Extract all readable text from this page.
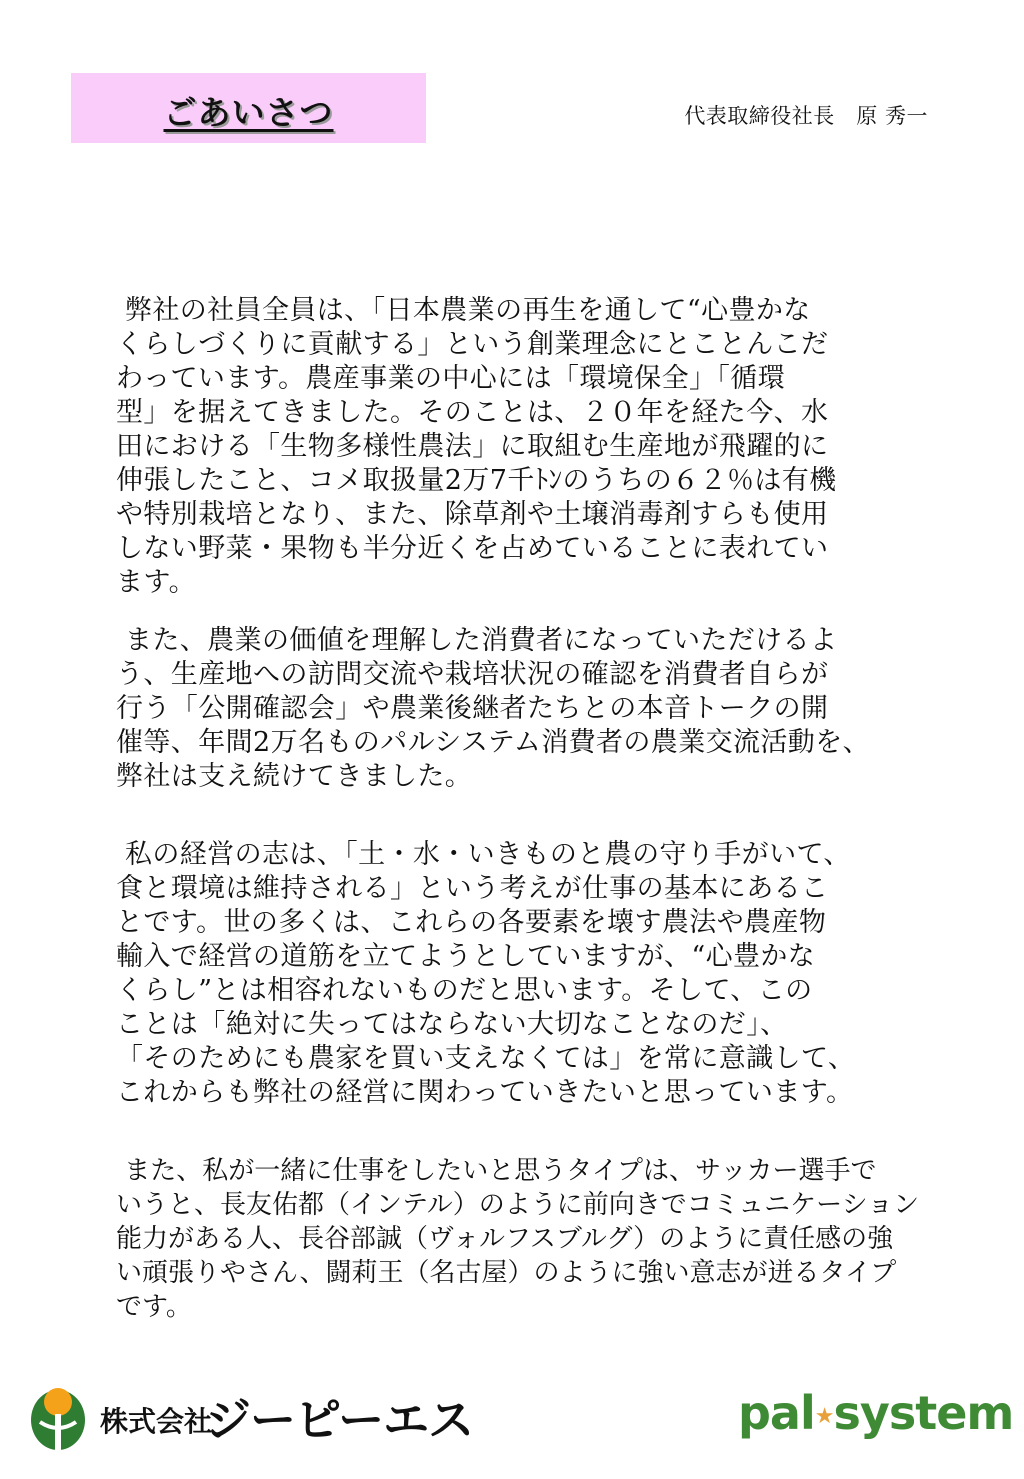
ごあいさつ	代表取締役社長　原 秀一
弊社の社員全員は、「日本農業の再生を通して“心豊かな
くらしづくりに貢献する」という創業理念にとことんこだ
わっています。農産事業の中心には「環境保全」「循環
型」を据えてきました。そのことは、２０年を経た今、水
田における「生物多様性農法」に取組む生産地が飛躍的に
伸張したこと、コメ取扱量2万7千ﾄﾝのうちの６２％は有機
や特別栽培となり、また、除草剤や土壌消毒剤すらも使用
しない野菜・果物も半分近くを占めていることに表れてい
ます。
また、農業の価値を理解した消費者になっていただけるよ
う、生産地への訪問交流や栽培状況の確認を消費者自らが
行う「公開確認会」や農業後継者たちとの本音トークの開
催等、年間2万名ものパルシステム消費者の農業交流活動を、
弊社は支え続けてきました。
私の経営の志は、「土・水・いきものと農の守り手がいて、
食と環境は維持される」という考えが仕事の基本にあるこ
とです。世の多くは、これらの各要素を壊す農法や農産物
輸入で経営の道筋を立てようとしていますが、“心豊かな
くらし”とは相容れないものだと思います。そして、この
ことは「絶対に失ってはならない大切なことなのだ」、
「そのためにも農家を買い支えなくては」を常に意識して、
これからも弊社の経営に関わっていきたいと思っています。
また、私が一緒に仕事をしたいと思うタイプは、サッカー選手で
いうと、長友佑都（インテル）のように前向きでコミュニケーション
能力がある人、長谷部誠（ヴォルフスブルグ）のように責任感の強
い頑張りやさん、闘莉王（名古屋）のように強い意志が迸るタイプ
です。
株式会社
ジーピーエス	pal★system
